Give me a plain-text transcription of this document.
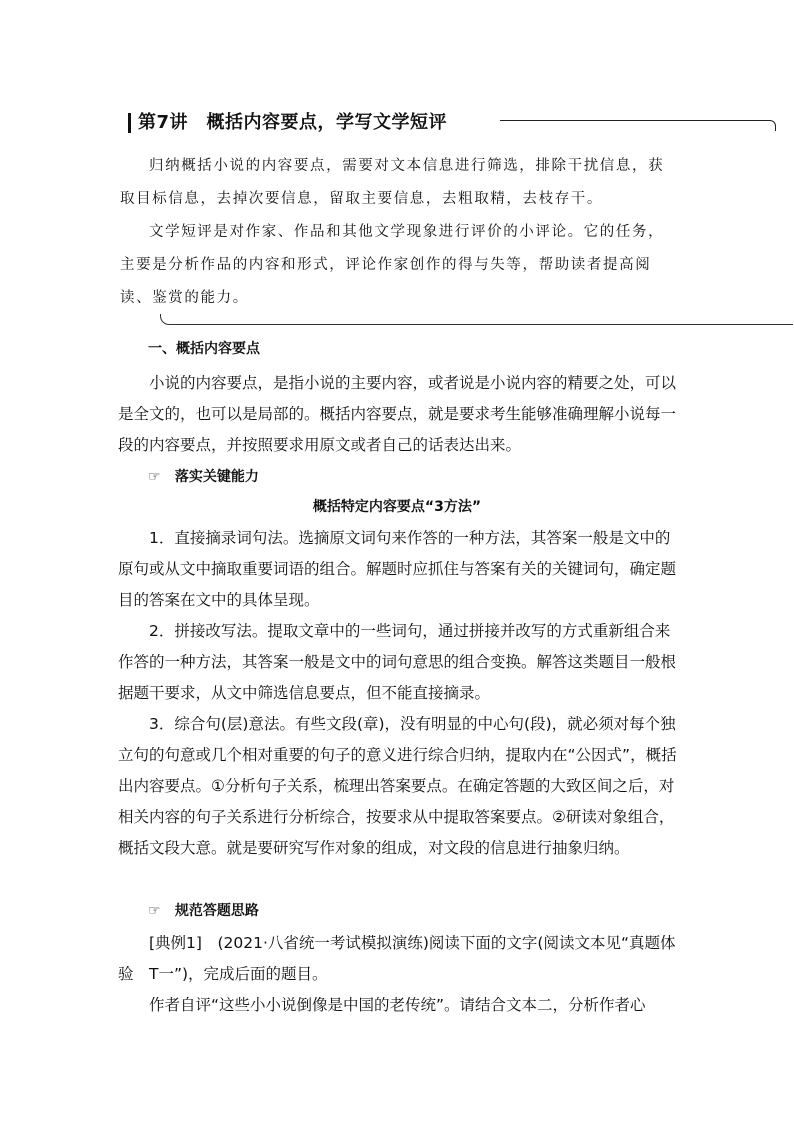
第7讲　概括内容要点，学写文学短评

归纳概括小说的内容要点，需要对文本信息进行筛选，排除干扰信息，获取目标信息，去掉次要信息，留取主要信息，去粗取精，去枝存干。

文学短评是对作家、作品和其他文学现象进行评价的小评论。它的任务，主要是分析作品的内容和形式，评论作家创作的得与失等，帮助读者提高阅读、鉴赏的能力。

一、概括内容要点

小说的内容要点，是指小说的主要内容，或者说是小说内容的精要之处，可以是全文的，也可以是局部的。概括内容要点，就是要求考生能够准确理解小说每一段的内容要点，并按照要求用原文或者自己的话表达出来。

☞ 落实关键能力
概括特定内容要点“3方法”

1．直接摘录词句法。选摘原文词句来作答的一种方法，其答案一般是文中的原句或从文中摘取重要词语的组合。解题时应抓住与答案有关的关键词句，确定题目的答案在文中的具体呈现。

2．拼接改写法。提取文章中的一些词句，通过拼接并改写的方式重新组合来作答的一种方法，其答案一般是文中的词句意思的组合变换。解答这类题目一般根据题干要求，从文中筛选信息要点，但不能直接摘录。

3．综合句(层)意法。有些文段(章)，没有明显的中心句(段)，就必须对每个独立句的句意或几个相对重要的句子的意义进行综合归纳，提取内在“公因式”，概括出内容要点。①分析句子关系，梳理出答案要点。在确定答题的大致区间之后，对相关内容的句子关系进行分析综合，按要求从中提取答案要点。②研读对象组合，概括文段大意。就是要研究写作对象的组成，对文段的信息进行抽象归纳。

☞ 规范答题思路

[典例1]　(2021·八省统一考试模拟演练)阅读下面的文字(阅读文本见“真题体验　T一”)，完成后面的题目。

作者自评“这些小小说倒像是中国的老传统”。请结合文本二，分析作者心
